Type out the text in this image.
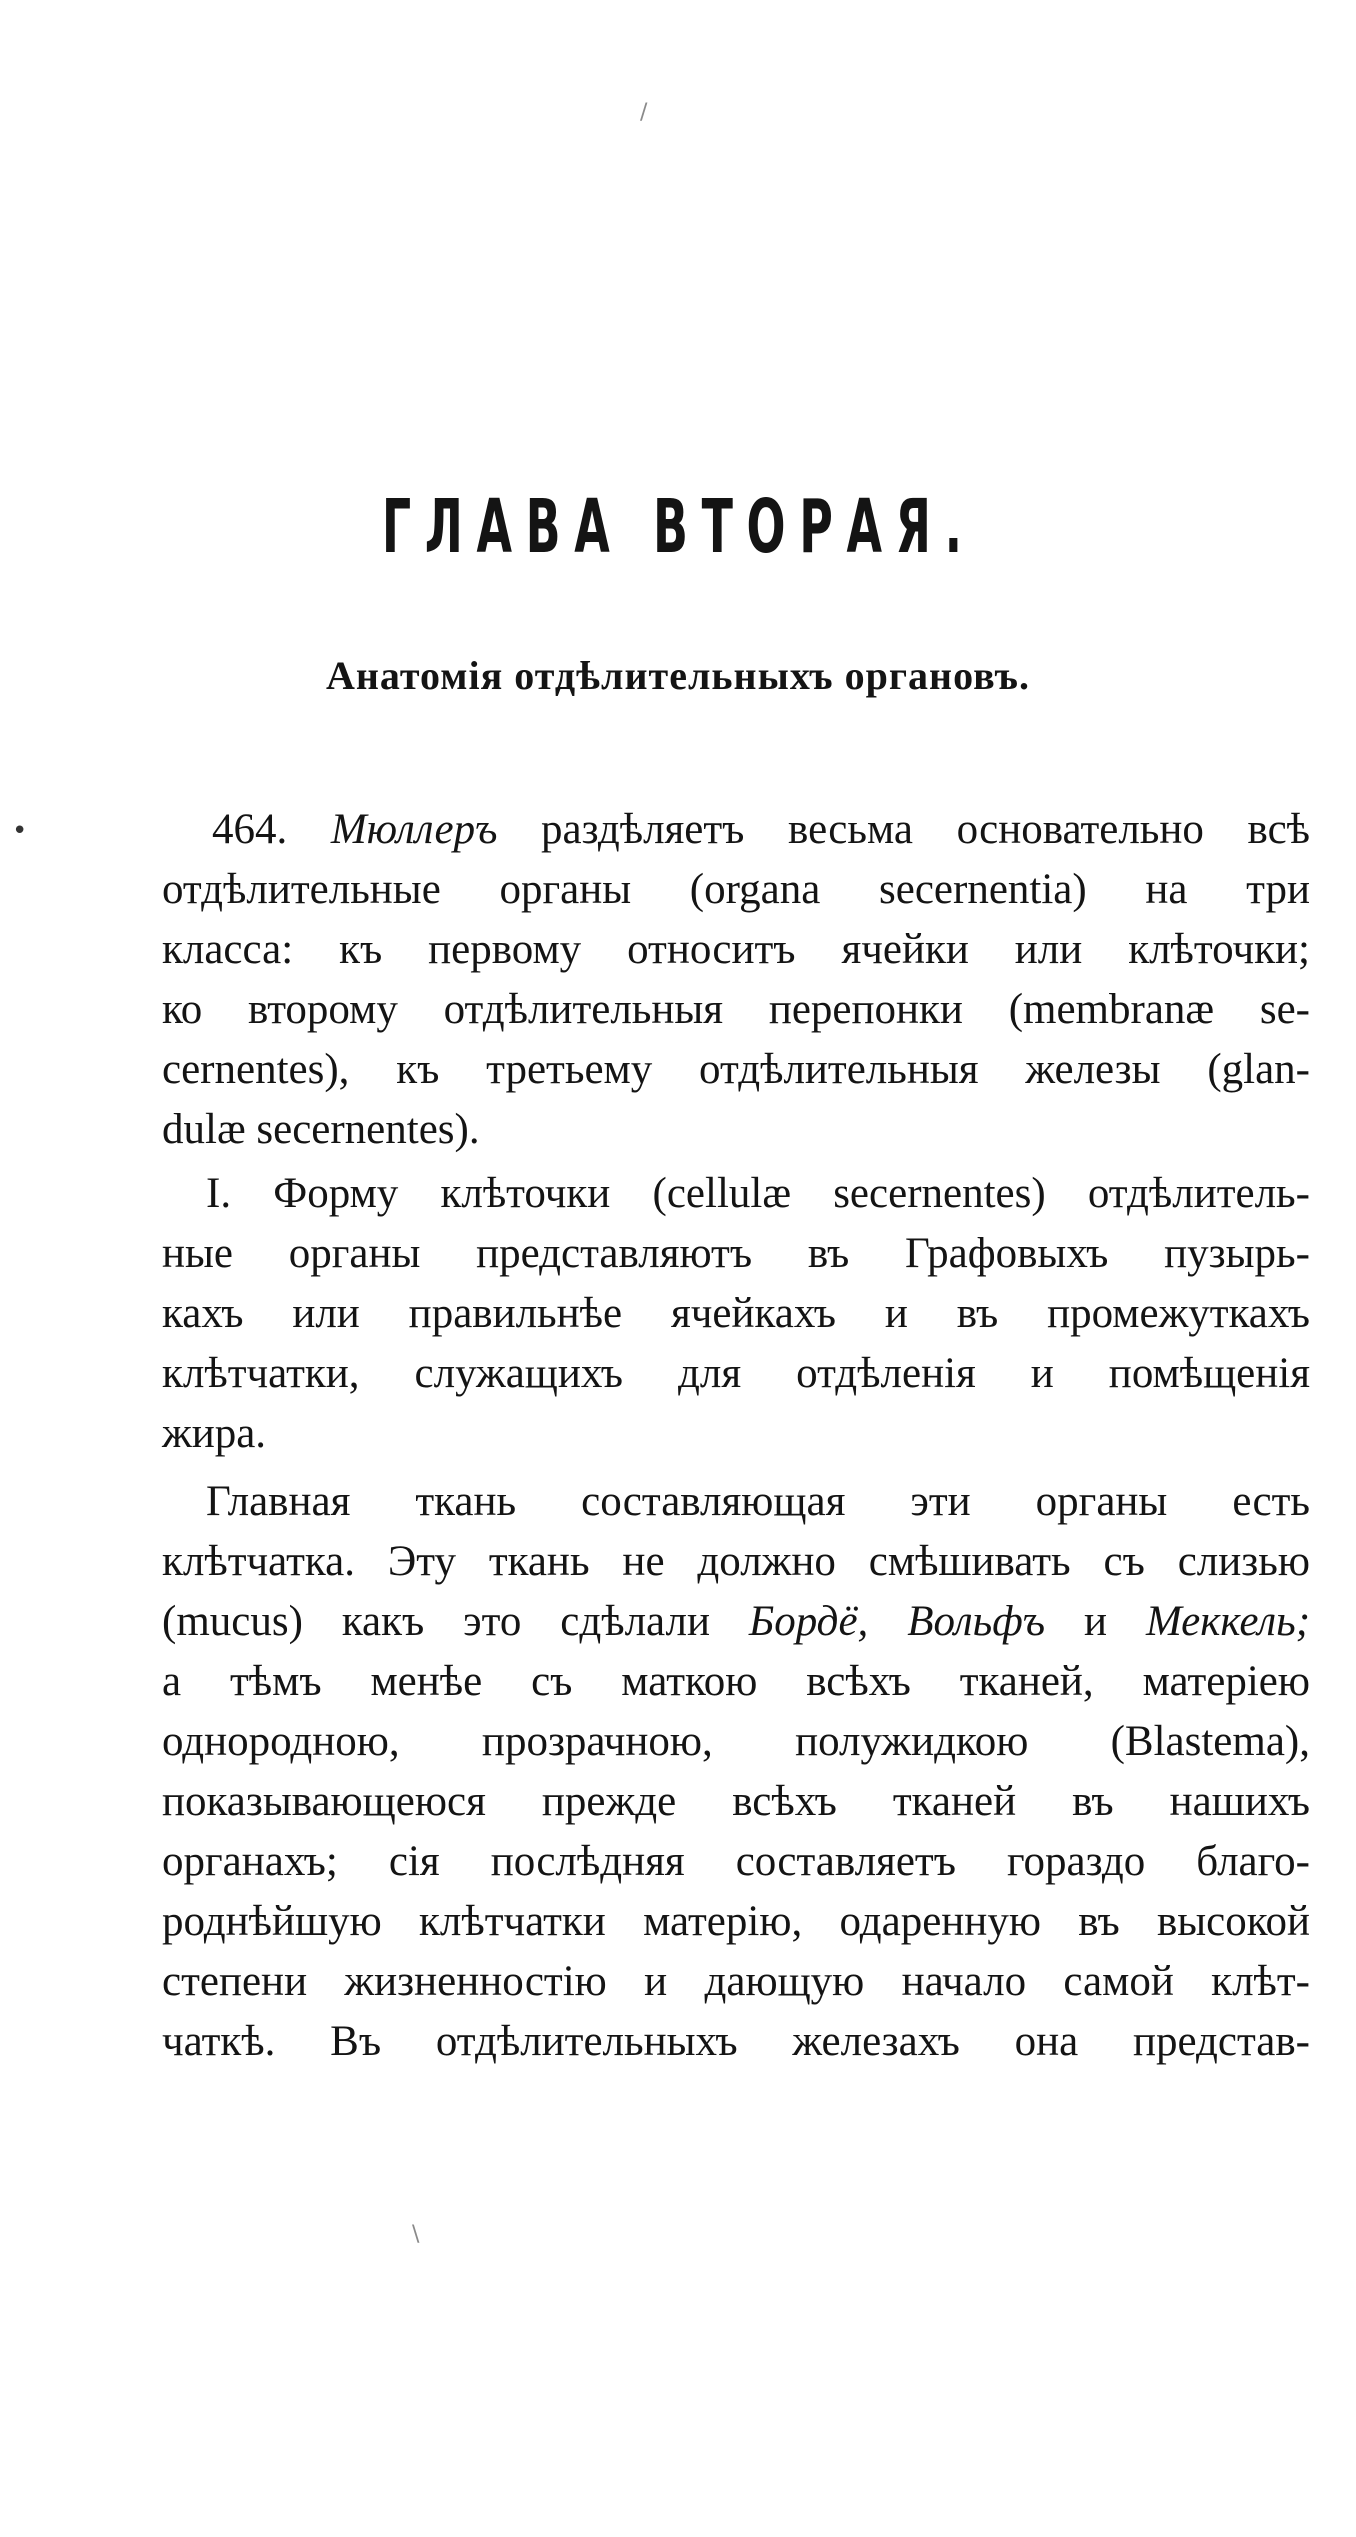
/
•
ГЛАВА ВТОРАЯ.
Анатомія отдѣлительныхъ органовъ.
464. Мюллеръ раздѣляетъ весьма основательно всѣ
отдѣлительные органы (organa secernentia) на три
класса: къ первому относитъ ячейки или клѣточки;
ко второму отдѣлительныя перепонки (membranæ se-
cernentes), къ третьему отдѣлительныя железы (glan-
dulæ secernentes).
I. Форму клѣточки (cellulæ secernentes) отдѣлитель-
ные органы представляютъ въ Графовыхъ пузырь-
кахъ или правильнѣе ячейкахъ и въ промежуткахъ
клѣтчатки, служащихъ для отдѣленія и помѣщенія
жира.
Главная ткань составляющая эти органы есть
клѣтчатка. Эту ткань не должно смѣшивать съ слизью
(mucus) какъ это сдѣлали Бордё, Вольфъ и Меккель;
а тѣмъ менѣе съ маткою всѣхъ тканей, матеріею
однородною, прозрачною, полужидкою (Blastema),
показывающеюся прежде всѣхъ тканей въ нашихъ
органахъ; сія послѣдняя составляетъ гораздо благо-
роднѣйшую клѣтчатки матерію, одаренную въ высокой
степени жизненностію и дающую начало самой клѣт-
чаткѣ. Въ отдѣлительныхъ железахъ она представ-
\
